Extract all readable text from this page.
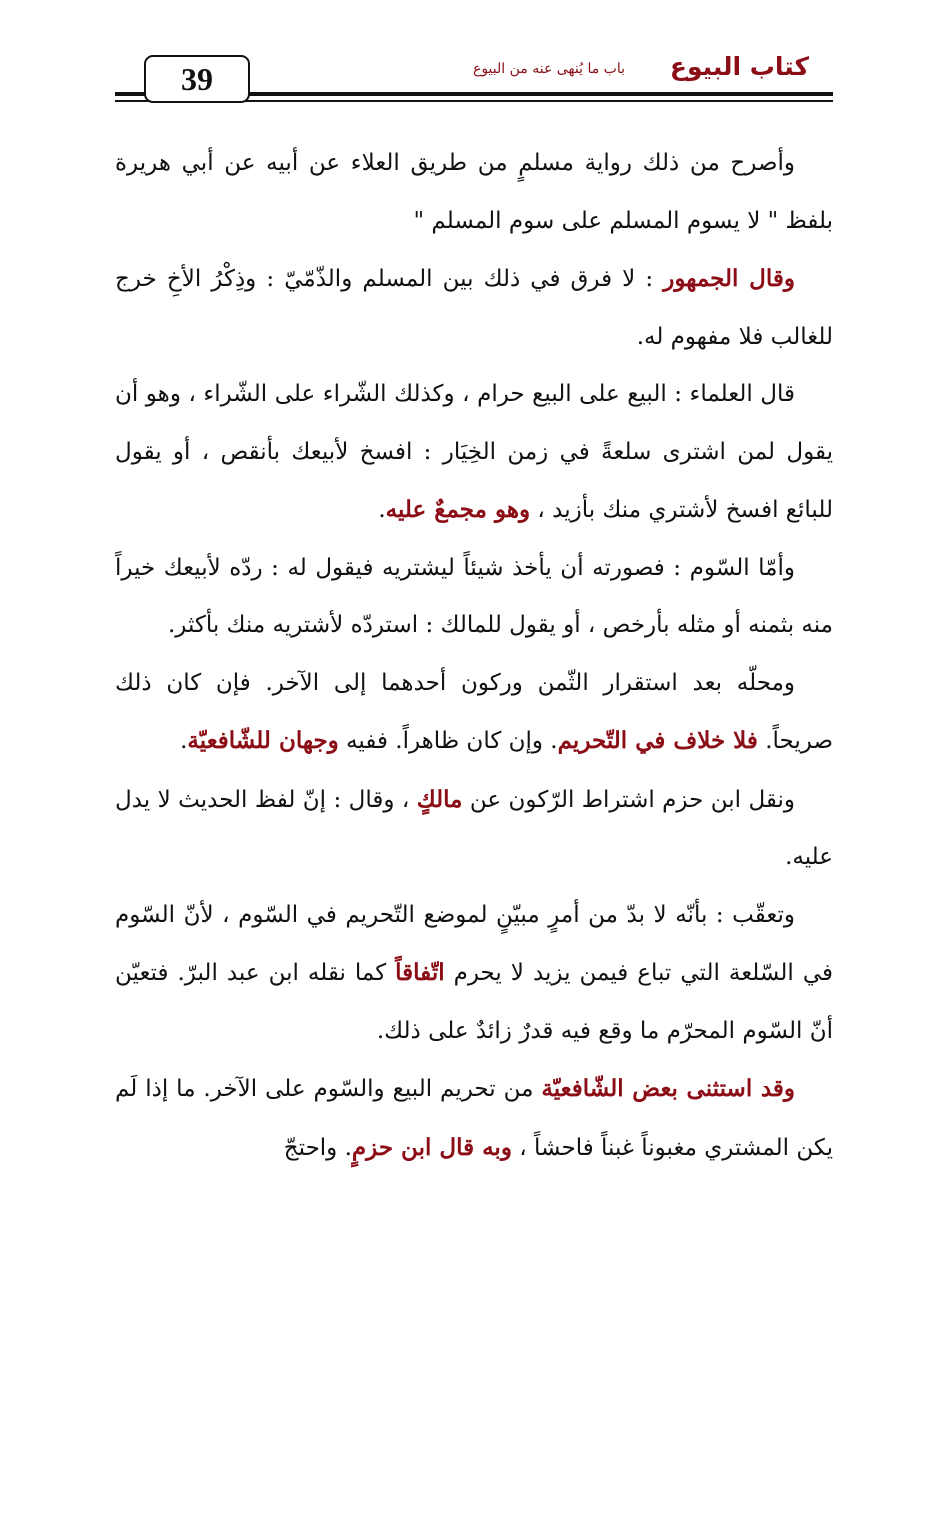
39	كتاب البيوع
باب ما يُنهى عنه من البيوع

وأصرح من ذلك رواية مسلمٍ من طريق العلاء عن أبيه عن أبي هريرة بلفظ " لا يسوم المسلم على سوم المسلم "

وقال الجمهور : لا فرق في ذلك بين المسلم والذّمّيّ : وذِكْرُ الأخِ خرج للغالب فلا مفهوم له.

قال العلماء : البيع على البيع حرام ، وكذلك الشّراء على الشّراء ، وهو أن يقول لمن اشترى سلعةً في زمن الخِيَار : افسخ لأبيعك بأنقص ، أو يقول للبائع افسخ لأشتري منك بأزيد ، وهو مجمعٌ عليه.

وأمّا السّوم : فصورته أن يأخذ شيئاً ليشتريه فيقول له : ردّه لأبيعك خيراً منه بثمنه أو مثله بأرخص ، أو يقول للمالك : استردّه لأشتريه منك بأكثر.

ومحلّه بعد استقرار الثّمن وركون أحدهما إلى الآخر. فإن كان ذلك صريحاً. فلا خلاف في التّحريم. وإن كان ظاهراً. ففيه وجهان للشّافعيّة.

ونقل ابن حزم اشتراط الرّكون عن مالكٍ ، وقال : إنّ لفظ الحديث لا يدل عليه.

وتعقّب : بأنّه لا بدّ من أمرٍ مبيّنٍ لموضع التّحريم في السّوم ، لأنّ السّوم في السّلعة التي تباع فيمن يزيد لا يحرم اتّفاقاً كما نقله ابن عبد البرّ. فتعيّن أنّ السّوم المحرّم ما وقع فيه قدرٌ زائدٌ على ذلك.

وقد استثنى بعض الشّافعيّة من تحريم البيع والسّوم على الآخر. ما إذا لَم يكن المشتري مغبوناً غبناً فاحشاً ، وبه قال ابن حزمٍ. واحتجّ
